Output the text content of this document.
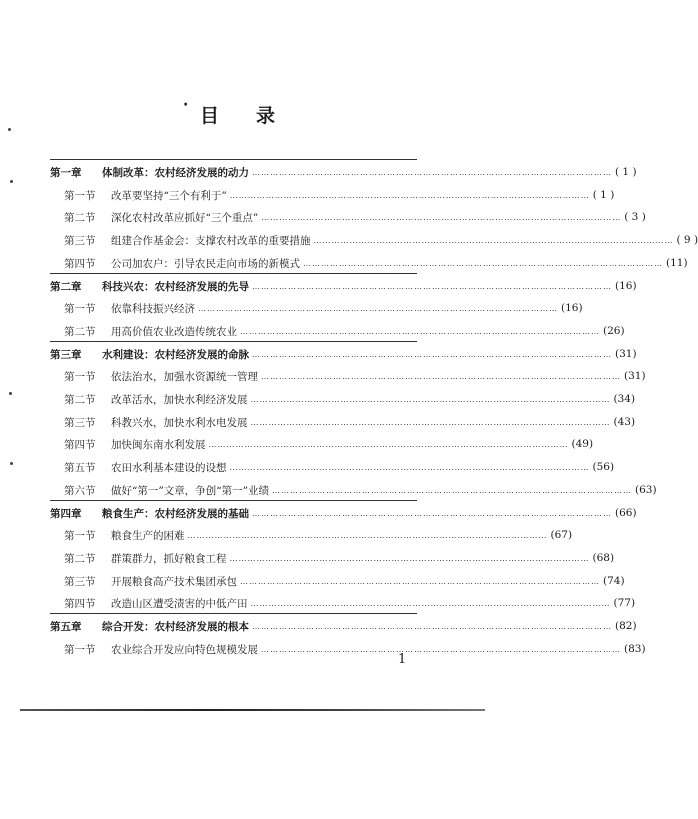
· 目 录
第一章	体制改革：农村经济发展的动力 ………………………………………………………………………………………………………… ( 1 )
第一节	改革要坚持“三个有利于” ………………………………………………………………………………………………………… ( 1 )
第二节	深化农村改革应抓好“三个重点” ………………………………………………………………………………………………………… ( 3 )
第三节	组建合作基金会：支撑农村改革的重要措施 ………………………………………………………………………………………………………… ( 9 )
第四节	公司加农户：引导农民走向市场的新模式 ………………………………………………………………………………………………………… (11)
第二章	科技兴农：农村经济发展的先导 ………………………………………………………………………………………………………… (16)
第一节	依靠科技振兴经济 ………………………………………………………………………………………………………… (16)
第二节	用高价值农业改造传统农业 ………………………………………………………………………………………………………… (26)
第三章	水利建设：农村经济发展的命脉 ………………………………………………………………………………………………………… (31)
第一节	依法治水，加强水资源统一管理 ………………………………………………………………………………………………………… (31)
第二节	改革活水，加快水利经济发展 ………………………………………………………………………………………………………… (34)
第三节	科教兴水，加快水利水电发展 ………………………………………………………………………………………………………… (43)
第四节	加快闽东南水利发展 ………………………………………………………………………………………………………… (49)
第五节	农田水利基本建设的设想 ………………………………………………………………………………………………………… (56)
第六节	做好“第一”文章，争创“第一”业绩 ………………………………………………………………………………………………………… (63)
第四章	粮食生产：农村经济发展的基础 ………………………………………………………………………………………………………… (66)
第一节	粮食生产的困难 ………………………………………………………………………………………………………… (67)
第二节	群策群力，抓好粮食工程 ………………………………………………………………………………………………………… (68)
第三节	开展粮食高产技术集团承包 ………………………………………………………………………………………………………… (74)
第四节	改造山区遭受渍害的中低产田 ………………………………………………………………………………………………………… (77)
第五章	综合开发：农村经济发展的根本 ………………………………………………………………………………………………………… (82)
第一节	农业综合开发应向特色规模发展 ………………………………………………………………………………………………………… (83)
1
